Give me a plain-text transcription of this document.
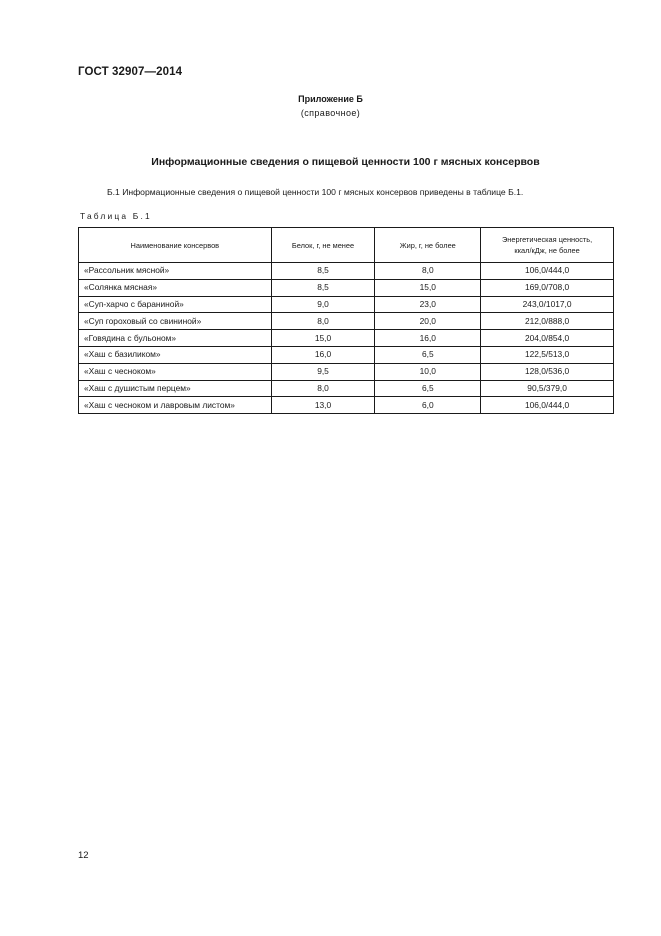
ГОСТ 32907—2014
Приложение Б
(справочное)
Информационные сведения о пищевой ценности 100 г мясных консервов
Б.1 Информационные сведения о пищевой ценности 100 г мясных консервов приведены в таблице Б.1.
Таблица Б.1
Наименование консервов	Белок, г, не менее	Жир, г, не более	Энергетическая ценность,
ккал/кДж, не более

«Рассольник мясной»	8,5	8,0	106,0/444,0
«Солянка мясная»	8,5	15,0	169,0/708,0
«Суп-харчо с бараниной»	9,0	23,0	243,0/1017,0
«Суп гороховый со свининой»	8,0	20,0	212,0/888,0
«Говядина с бульоном»	15,0	16,0	204,0/854,0
«Хаш с базиликом»	16,0	6,5	122,5/513,0
«Хаш с чесноком»	9,5	10,0	128,0/536,0
«Хаш с душистым перцем»	8,0	6,5	90,5/379,0
«Хаш с чесноком и лавровым листом»	13,0	6,0	106,0/444,0
12
